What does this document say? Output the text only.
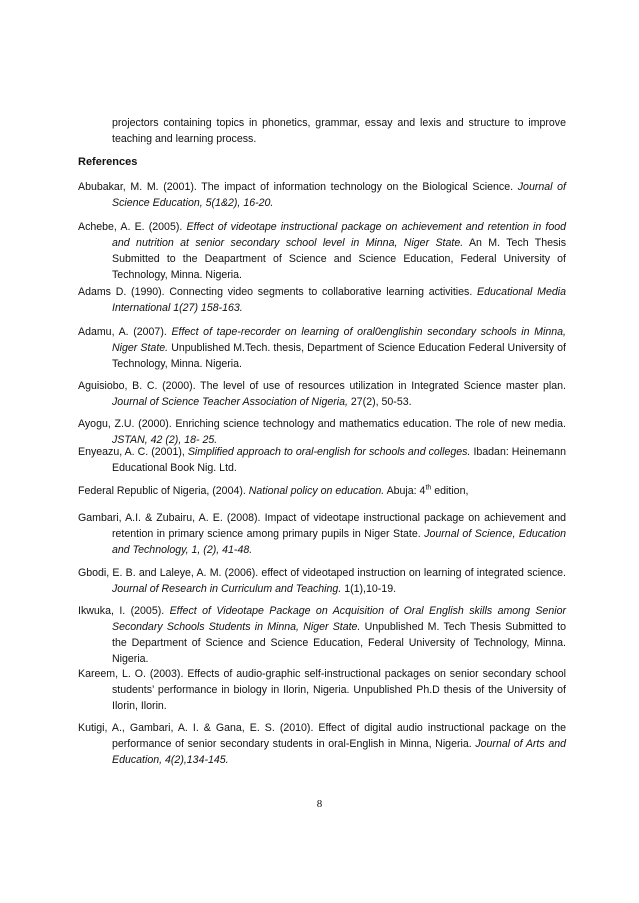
projectors containing topics in phonetics, grammar, essay and lexis and structure to improve teaching and learning process.

References

Abubakar, M. M. (2001). The impact of information technology on the Biological Science. Journal of Science Education, 5(1&2), 16-20.

Achebe, A. E. (2005). Effect of videotape instructional package on achievement and retention in food and nutrition at senior secondary school level in Minna, Niger State. An M. Tech Thesis Submitted to the Deapartment of Science and Science Education, Federal University of Technology, Minna. Nigeria.

Adams D. (1990). Connecting video segments to collaborative learning activities. Educational Media International 1(27) 158-163.

Adamu, A. (2007). Effect of tape-recorder on learning of oral0englishin secondary schools in Minna, Niger State. Unpublished M.Tech. thesis, Department of Science Education Federal University of Technology, Minna. Nigeria.

Aguisiobo, B. C. (2000). The level of use of resources utilization in Integrated Science master plan. Journal of Science Teacher Association of Nigeria, 27(2), 50-53.

Ayogu, Z.U. (2000). Enriching science technology and mathematics education. The role of new media. JSTAN, 42 (2), 18- 25.

Enyeazu, A. C. (2001), Simplified approach to oral-english for schools and colleges. Ibadan: Heinemann Educational Book Nig. Ltd.

Federal Republic of Nigeria, (2004). National policy on education. Abuja: 4th edition,

Gambari, A.I. & Zubairu, A. E. (2008). Impact of videotape instructional package on achievement and retention in primary science among primary pupils in Niger State. Journal of Science, Education and Technology, 1, (2), 41-48.

Gbodi, E. B. and Laleye, A. M. (2006). effect of videotaped instruction on learning of integrated science. Journal of Research in Curriculum and Teaching. 1(1),10-19.

Ikwuka, I. (2005). Effect of Videotape Package on Acquisition of Oral English skills among Senior Secondary Schools Students in Minna, Niger State. Unpublished M. Tech Thesis Submitted to the Department of Science and Science Education, Federal University of Technology, Minna. Nigeria.

Kareem, L. O. (2003). Effects of audio-graphic self-instructional packages on senior secondary school students’ performance in biology in Ilorin, Nigeria. Unpublished Ph.D thesis of the University of Ilorin, Ilorin.

Kutigi, A., Gambari, A. I. & Gana, E. S. (2010). Effect of digital audio instructional package on the performance of senior secondary students in oral-English in Minna, Nigeria. Journal of Arts and Education, 4(2),134-145.

8
